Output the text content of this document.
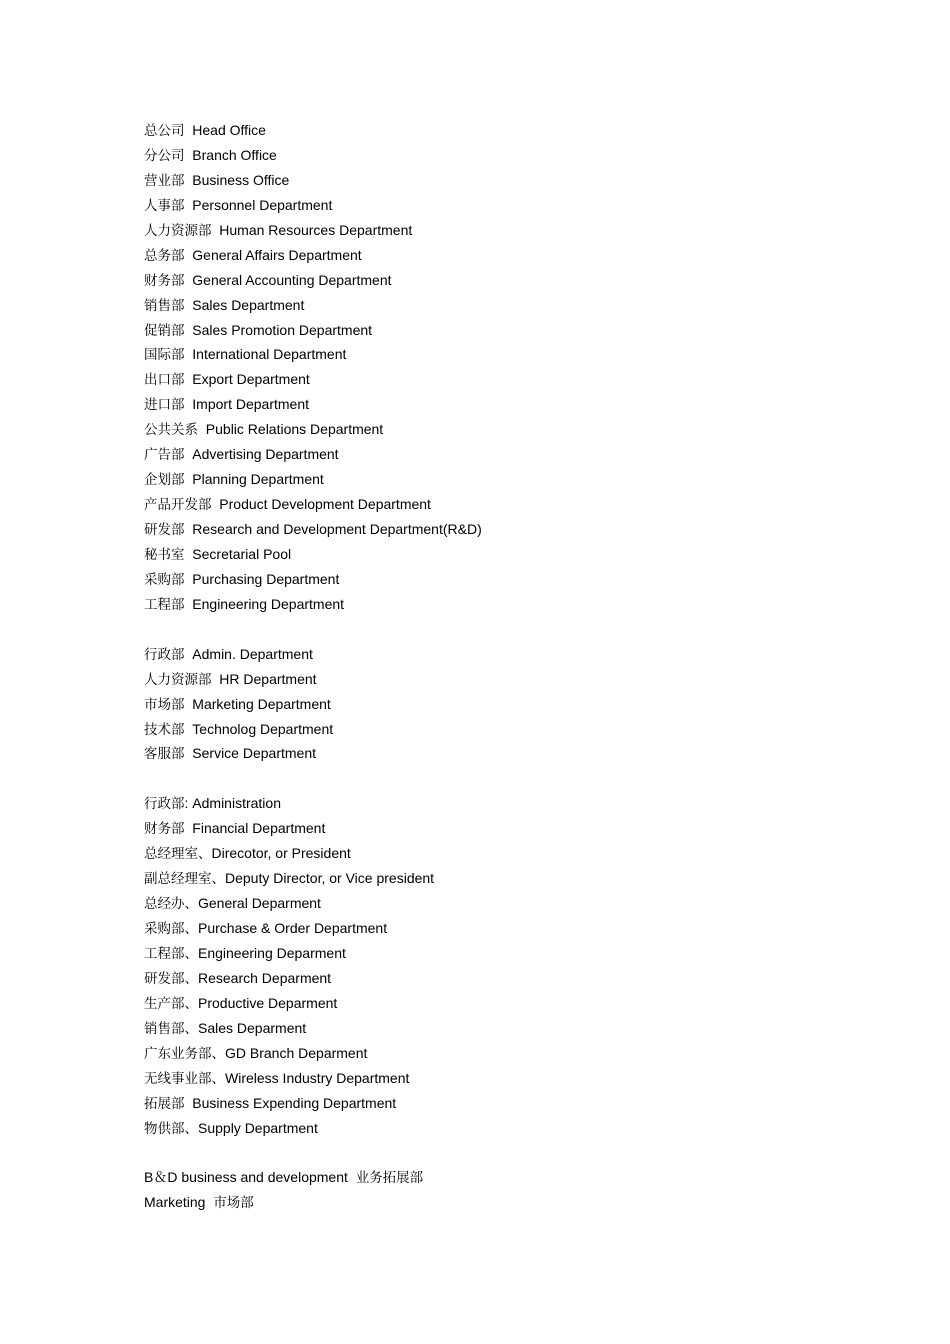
总公司 Head Office
分公司 Branch Office
营业部 Business Office
人事部 Personnel Department
人力资源部 Human Resources Department
总务部 General Affairs Department
财务部 General Accounting Department
销售部 Sales Department
促销部 Sales Promotion Department
国际部 International Department
出口部 Export Department
进口部 Import Department
公共关系 Public Relations Department
广告部 Advertising Department
企划部 Planning Department
产品开发部 Product Development Department
研发部 Research and Development Department(R&D)
秘书室 Secretarial Pool
采购部 Purchasing Department
工程部 Engineering Department
行政部 Admin. Department
人力资源部 HR Department
市场部 Marketing Department
技术部 Technolog Department
客服部 Service Department
行政部: Administration
财务部 Financial Department
总经理室、Direcotor, or President
副总经理室、Deputy Director, or Vice president
总经办、General Deparment
采购部、Purchase & Order Department
工程部、Engineering Deparment
研发部、Research Deparment
生产部、Productive Deparment
销售部、Sales Deparment
广东业务部、GD Branch Deparment
无线事业部、Wireless Industry Department
拓展部 Business Expending Department
物供部、Supply Department
B＆D business and development 业务拓展部
Marketing 市场部
